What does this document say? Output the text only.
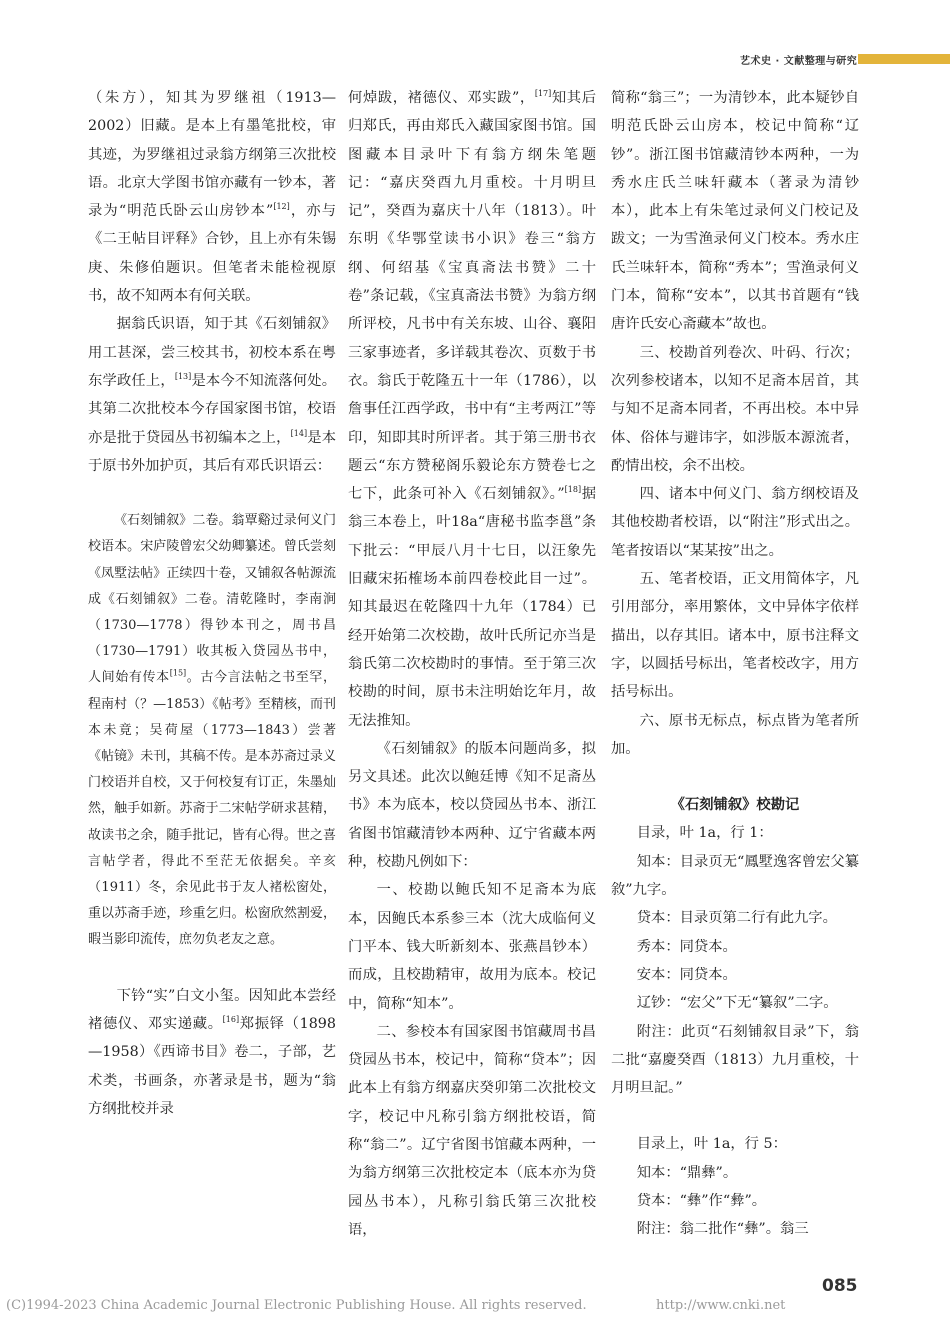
艺术史 · 文献整理与研究

（朱方），知其为罗继祖（1913—2002）旧藏。是本上有墨笔批校，审其迹，为罗继祖过录翁方纲第三次批校语。北京大学图书馆亦藏有一钞本，著录为“明范氏卧云山房钞本”[12]，亦与《二王帖目评释》合钞，且上亦有朱锡庚、朱修伯题识。但笔者未能检视原书，故不知两本有何关联。

据翁氏识语，知于其《石刻铺叙》用工甚深，尝三校其书，初校本系在粤东学政任上，[13]是本今不知流落何处。其第二次批校本今存国家图书馆，校语亦是批于贷园丛书初编本之上，[14]是本于原书外加护页，其后有邓氏识语云：

《石刻铺叙》二卷。翁覃谿过录何义门校语本。宋庐陵曾宏父幼卿纂述。曾氏尝刻《凤墅法帖》正续四十卷，又铺叙各帖源流成《石刻铺叙》二卷。清乾隆时，李南涧（1730—1778）得钞本刊之，周书昌（1730—1791）收其板入贷园丛书中，人间始有传本[15]。古今言法帖之书至罕，程南村（？—1853）《帖考》至精核，而刊本未竟；吴荷屋（1773—1843）尝著《帖镜》未刊，其稿不传。是本苏斋过录义门校语并自校，又于何校复有订正，朱墨灿然，触手如新。苏斋于二宋帖学研求甚精，故读书之余，随手批记，皆有心得。世之喜言帖学者，得此不至茫无依据矣。辛亥（1911）冬，余见此书于友人褚松窗处，重以苏斋手迹，珍重乞归。松窗欣然割爱，暇当影印流传，庶勿负老友之意。

下钤“实”白文小玺。因知此本尝经褚德仪、邓实递藏。[16]郑振铎（1898—1958）《西谛书目》卷二，子部，艺术类，书画条，亦著录是书，题为“翁方纲批校并录

何焯跋，褚德仪、邓实跋”，[17]知其后归郑氏，再由郑氏入藏国家图书馆。国图藏本目录叶下有翁方纲朱笔题记：“嘉庆癸酉九月重校。十月明旦记”，癸酉为嘉庆十八年（1813）。叶东明《华鄂堂读书小识》卷三“翁方纲、何绍基《宝真斋法书赞》二十卷”条记载，《宝真斋法书赞》为翁方纲所评校，凡书中有关东坡、山谷、襄阳三家事迹者，多详载其卷次、页数于书衣。翁氏于乾隆五十一年（1786），以詹事任江西学政，书中有“主考两江”等印，知即其时所评者。其于第三册书衣题云“东方赞秘阁乐毅论东方赞卷七之七下，此条可补入《石刻铺叙》。”[18]据翁三本卷上，叶18a“唐秘书监李邕”条下批云：“甲辰八月十七日，以汪象先旧藏宋拓榷场本前四卷校此目一过”。知其最迟在乾隆四十九年（1784）已经开始第二次校勘，故叶氏所记亦当是翁氏第二次校勘时的事情。至于第三次校勘的时间，原书未注明始讫年月，故无法推知。

《石刻铺叙》的版本问题尚多，拟另文具述。此次以鲍廷博《知不足斋丛书》本为底本，校以贷园丛书本、浙江省图书馆藏清钞本两种、辽宁省藏本两种，校勘凡例如下：

一、校勘以鲍氏知不足斋本为底本，因鲍氏本系参三本（沈大成临何义门平本、钱大昕新刻本、张燕昌钞本）而成，且校勘精审，故用为底本。校记中，简称“知本”。

二、参校本有国家图书馆藏周书昌贷园丛书本，校记中，简称“贷本”；因此本上有翁方纲嘉庆癸卯第二次批校文字，校记中凡称引翁方纲批校语，简称“翁二”。辽宁省图书馆藏本两种，一为翁方纲第三次批校定本（底本亦为贷园丛书本），凡称引翁氏第三次批校语，

简称“翁三”；一为清钞本，此本疑钞自明范氏卧云山房本，校记中简称“辽钞”。浙江图书馆藏清钞本两种，一为秀水庄氏兰味轩藏本（著录为清钞本），此本上有朱笔过录何义门校记及跋文；一为雪渔录何义门校本。秀水庄氏兰味轩本，简称“秀本”；雪渔录何义门本，简称“安本”，以其书首题有“钱唐许氏安心斋藏本”故也。

三、校勘首列卷次、叶码、行次；次列参校诸本，以知不足斋本居首，其与知不足斋本同者，不再出校。本中异体、俗体与避讳字，如涉版本源流者，酌情出校，余不出校。

四、诸本中何义门、翁方纲校语及其他校勘者校语，以“附注”形式出之。笔者按语以“某某按”出之。

五、笔者校语，正文用简体字，凡引用部分，率用繁体，文中异体字依样描出，以存其旧。诸本中，原书注释文字，以圆括号标出，笔者校改字，用方括号标出。

六、原书无标点，标点皆为笔者所加。

《石刻铺叙》校勘记

目录，叶 1a，行 1：

知本：目录页无“鳳墅逸客曾宏父纂敘”九字。

贷本：目录页第二行有此九字。

秀本：同贷本。

安本：同贷本。

辽钞：“宏父”下无“纂叙”二字。

附注：此页“石刻铺叙目录”下，翁二批“嘉慶癸酉（1813）九月重校，十月明旦記。”

目录上，叶 1a，行 5：

知本：“鼎彝”。

贷本：“彝”作“彜”。

附注：翁二批作“彝”。翁三

085
(C)1994-2023 China Academic Journal Electronic Publishing House. All rights reserved.	http://www.cnki.net
